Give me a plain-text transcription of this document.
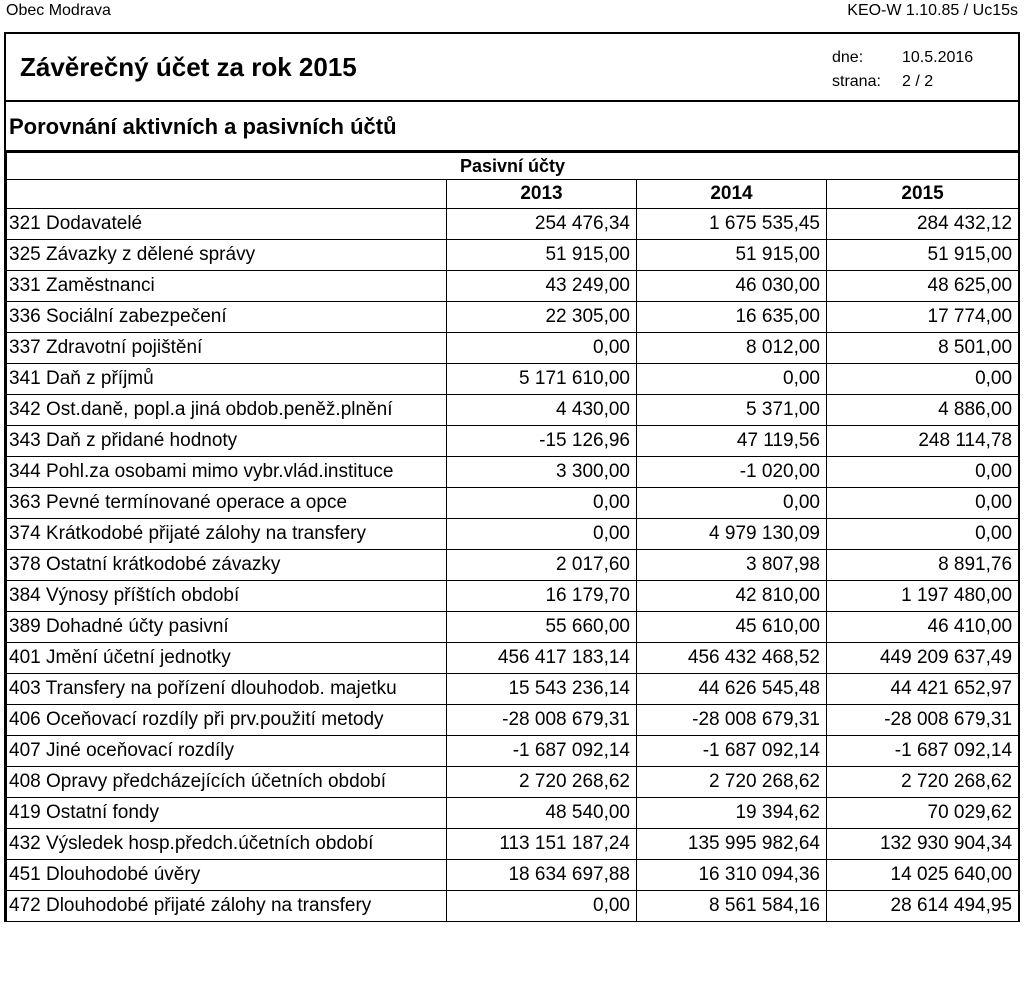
Obec Modrava	KEO-W 1.10.85 / Uc15s
Závěrečný účet za rok 2015	dne: 10.5.2016
strana: 2 / 2
Porovnání aktivních a pasivních účtů
Pasivní účty			
	2013	2014	2015
321 Dodavatelé	254 476,34	1 675 535,45	284 432,12
325 Závazky z dělené správy	51 915,00	51 915,00	51 915,00
331 Zaměstnanci	43 249,00	46 030,00	48 625,00
336 Sociální zabezpečení	22 305,00	16 635,00	17 774,00
337 Zdravotní pojištění	0,00	8 012,00	8 501,00
341 Daň z příjmů	5 171 610,00	0,00	0,00
342 Ost.daně, popl.a jiná obdob.peněž.plnění	4 430,00	5 371,00	4 886,00
343 Daň z přidané hodnoty	-15 126,96	47 119,56	248 114,78
344 Pohl.za osobami mimo vybr.vlád.instituce	3 300,00	-1 020,00	0,00
363 Pevné termínované operace a opce	0,00	0,00	0,00
374 Krátkodobé přijaté zálohy na transfery	0,00	4 979 130,09	0,00
378 Ostatní krátkodobé závazky	2 017,60	3 807,98	8 891,76
384 Výnosy příštích období	16 179,70	42 810,00	1 197 480,00
389 Dohadné účty pasivní	55 660,00	45 610,00	46 410,00
401 Jmění účetní jednotky	456 417 183,14	456 432 468,52	449 209 637,49
403 Transfery na pořízení dlouhodob. majetku	15 543 236,14	44 626 545,48	44 421 652,97
406 Oceňovací rozdíly při prv.použití metody	-28 008 679,31	-28 008 679,31	-28 008 679,31
407 Jiné oceňovací rozdíly	-1 687 092,14	-1 687 092,14	-1 687 092,14
408 Opravy předcházejících účetních období	2 720 268,62	2 720 268,62	2 720 268,62
419 Ostatní fondy	48 540,00	19 394,62	70 029,62
432 Výsledek hosp.předch.účetních období	113 151 187,24	135 995 982,64	132 930 904,34
451 Dlouhodobé úvěry	18 634 697,88	16 310 094,36	14 025 640,00
472 Dlouhodobé přijaté zálohy na transfery	0,00	8 561 584,16	28 614 494,95
